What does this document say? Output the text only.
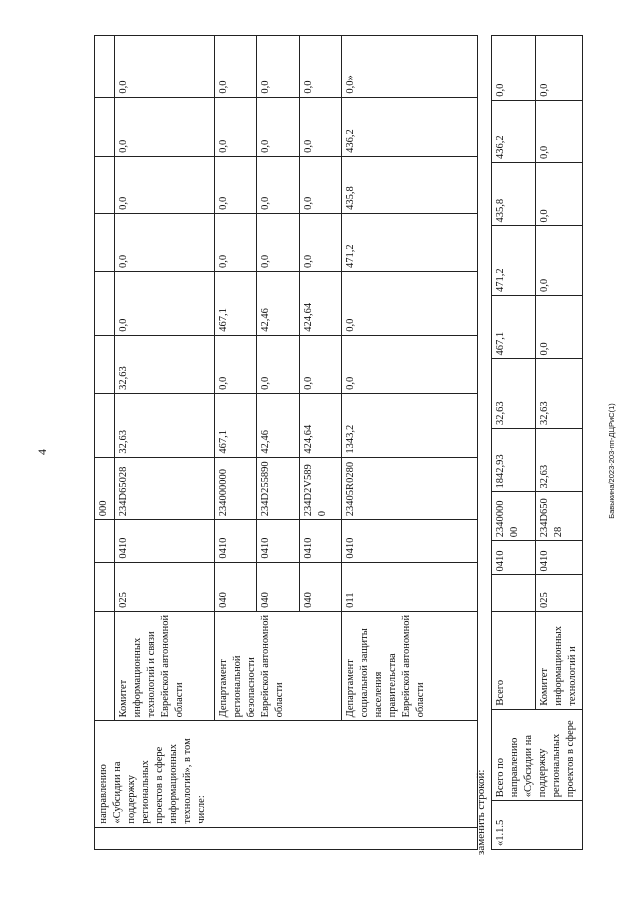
4	Бавыкина/2023-203-пп-ДЦРиС(1)
	направлению «Субсидии на поддержку региональных проектов в сфере информационных технологий», в том числе:				000							
		Комитет информационных технологий и связи Еврейской автономной области	025	0410	234D65028	32,63	32,63	0,0	0,0	0,0	0,0	0,0
		Департамент региональной безопасности Еврейской автономной области	040	0410	234000000	467,1	0,0	467,1	0,0	0,0	0,0	0,0
			040	0410	234D255890	42,46	0,0	42,46	0,0	0,0	0,0	0,0
			040	0410	234D2V5890	424,64	0,0	424,64	0,0	0,0	0,0	0,0
		Департамент социальной защиты населения правительства Еврейской автономной области	011	0410	23405R0280	1343,2	0,0	0,0	471,2	435,8	436,2	0,0»
заменить строкой: «1.1.5	Всего по направлению «Субсидии на поддержку региональных проектов в сфере	Всего		0410	234000000	1842,93	32,63	467,1	471,2	435,8	436,2	0,0
		Комитет информационных технологий и	025	0410	234D65028	32,63	32,63	0,0	0,0	0,0	0,0	0,0
